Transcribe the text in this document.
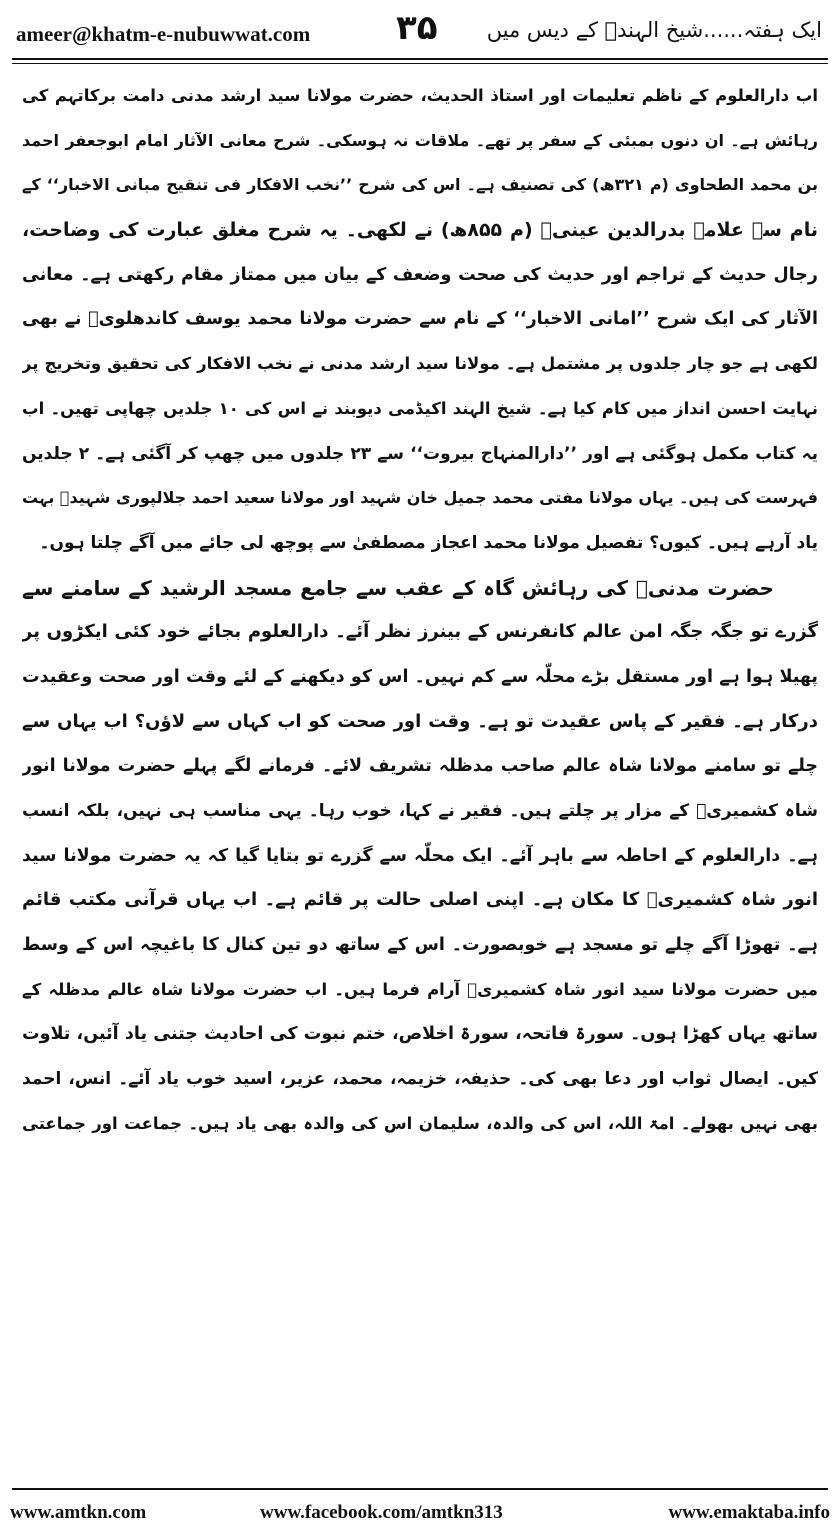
ameer@khatm-e-nubuwwat.com	۳۵ ایک ہفتہ......شیخ الہندؒ کے دیس میں
اب دارالعلوم کے ناظم تعلیمات اور استاذ الحدیث، حضرت مولانا سید ارشد مدنی دامت برکاتہم کی
رہائش ہے۔ ان دنوں بمبئی کے سفر پر تھے۔ ملاقات نہ ہوسکی۔ شرح معانی الآثار امام ابوجعفر احمد
بن محمد الطحاوی (م ۳۲۱ھ) کی تصنیف ہے۔ اس کی شرح ’’نخب الافکار فی تنقیح مبانی الاخبار‘‘ کے
نام سے علامہ بدرالدین عینیؒ (م ۸۵۵ھ) نے لکھی۔ یہ شرح مغلق عبارت کی وضاحت،
رجال حدیث کے تراجم اور حدیث کی صحت وضعف کے بیان میں ممتاز مقام رکھتی ہے۔ معانی
الآثار کی ایک شرح ’’امانی الاخبار‘‘ کے نام سے حضرت مولانا محمد یوسف کاندھلویؒ نے بھی
لکھی ہے جو چار جلدوں پر مشتمل ہے۔ مولانا سید ارشد مدنی نے نخب الافکار کی تحقیق وتخریج پر
نہایت احسن انداز میں کام کیا ہے۔ شیخ الہند اکیڈمی دیوبند نے اس کی ۱۰ جلدیں چھاپی تھیں۔ اب
یہ کتاب مکمل ہوگئی ہے اور ’’دارالمنہاج بیروت‘‘ سے ۲۳ جلدوں میں چھپ کر آگئی ہے۔ ۲ جلدیں
فہرست کی ہیں۔ یہاں مولانا مفتی محمد جمیل خان شہید اور مولانا سعید احمد جلالپوری شہیدؒ بہت
یاد آرہے ہیں۔ کیوں؟ تفصیل مولانا محمد اعجاز مصطفیٰ سے پوچھ لی جائے میں آگے چلتا ہوں۔
حضرت مدنیؒ کی رہائش گاہ کے عقب سے جامع مسجد الرشید کے سامنے سے
گزرے تو جگہ جگہ امن عالم کانفرنس کے بینرز نظر آئے۔ دارالعلوم بجائے خود کئی ایکڑوں پر
پھیلا ہوا ہے اور مستقل بڑے محلّہ سے کم نہیں۔ اس کو دیکھنے کے لئے وقت اور صحت وعقیدت
درکار ہے۔ فقیر کے پاس عقیدت تو ہے۔ وقت اور صحت کو اب کہاں سے لاؤں؟ اب یہاں سے
چلے تو سامنے مولانا شاہ عالم صاحب مدظلہ تشریف لائے۔ فرمانے لگے پہلے حضرت مولانا انور
شاہ کشمیریؒ کے مزار پر چلتے ہیں۔ فقیر نے کہا، خوب رہا۔ یہی مناسب ہی نہیں، بلکہ انسب
ہے۔ دارالعلوم کے احاطہ سے باہر آئے۔ ایک محلّہ سے گزرے تو بتایا گیا کہ یہ حضرت مولانا سید
انور شاہ کشمیریؒ کا مکان ہے۔ اپنی اصلی حالت پر قائم ہے۔ اب یہاں قرآنی مکتب قائم
ہے۔ تھوڑا آگے چلے تو مسجد ہے خوبصورت۔ اس کے ساتھ دو تین کنال کا باغیچہ اس کے وسط
میں حضرت مولانا سید انور شاہ کشمیریؒ آرام فرما ہیں۔ اب حضرت مولانا شاہ عالم مدظلہ کے
ساتھ یہاں کھڑا ہوں۔ سورۃ فاتحہ، سورۃ اخلاص، ختم نبوت کی احادیث جتنی یاد آئیں، تلاوت
کیں۔ ایصال ثواب اور دعا بھی کی۔ حذیفہ، خزیمہ، محمد، عزیر، اسید خوب یاد آئے۔ انس، احمد
بھی نہیں بھولے۔ امۃ اللہ، اس کی والدہ، سلیمان اس کی والدہ بھی یاد ہیں۔ جماعت اور جماعتی
www.amtkn.com	www.facebook.com/amtkn313	www.emaktaba.info
